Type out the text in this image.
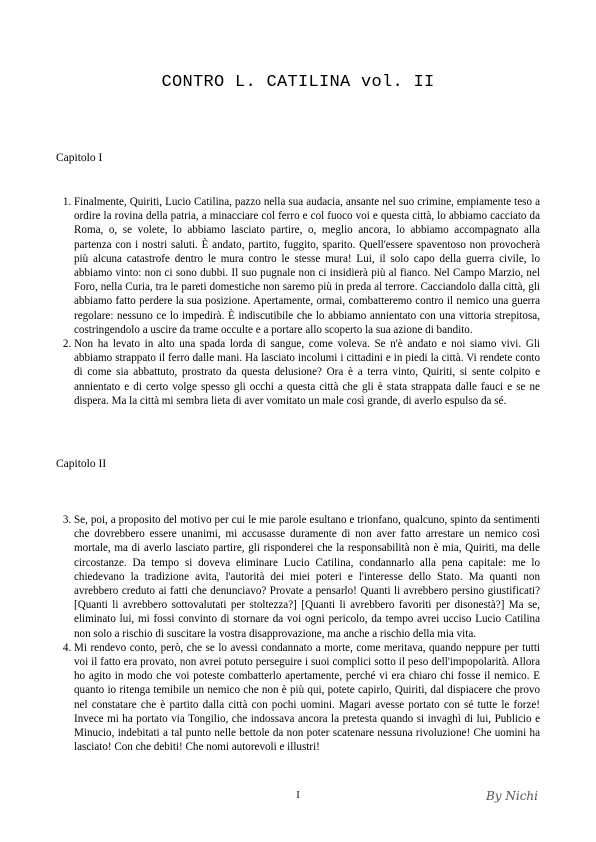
CONTRO L. CATILINA vol. II
Capitolo I
1. Finalmente, Quiriti, Lucio Catilina, pazzo nella sua audacia, ansante nel suo crimine, empiamente teso a ordire la rovina della patria, a minacciare col ferro e col fuoco voi e questa città, lo abbiamo cacciato da Roma, o, se volete, lo abbiamo lasciato partire, o, meglio ancora, lo abbiamo accompagnato alla partenza con i nostri saluti. È andato, partito, fuggito, sparito. Quell'essere spaventoso non provocherà più alcuna catastrofe dentro le mura contro le stesse mura! Lui, il solo capo della guerra civile, lo abbiamo vinto: non ci sono dubbi. Il suo pugnale non ci insidierà più al fianco. Nel Campo Marzio, nel Foro, nella Curia, tra le pareti domestiche non saremo più in preda al terrore. Cacciandolo dalla città, gli abbiamo fatto perdere la sua posizione. Apertamente, ormai, combatteremo contro il nemico una guerra regolare: nessuno ce lo impedirà. È indiscutibile che lo abbiamo annientato con una vittoria strepitosa, costringendolo a uscire da trame occulte e a portare allo scoperto la sua azione di bandito.
2. Non ha levato in alto una spada lorda di sangue, come voleva. Se n'è andato e noi siamo vivi. Gli abbiamo strappato il ferro dalle mani. Ha lasciato incolumi i cittadini e in piedi la città. Vi rendete conto di come sia abbattuto, prostrato da questa delusione? Ora è a terra vinto, Quiriti, si sente colpito e annientato e di certo volge spesso gli occhi a questa città che gli è stata strappata dalle fauci e se ne dispera. Ma la città mi sembra lieta di aver vomitato un male così grande, di averlo espulso da sé.
Capitolo II
3. Se, poi, a proposito del motivo per cui le mie parole esultano e trionfano, qualcuno, spinto da sentimenti che dovrebbero essere unanimi, mi accusasse duramente di non aver fatto arrestare un nemico così mortale, ma di averlo lasciato partire, gli risponderei che la responsabilità non è mia, Quiriti, ma delle circostanze. Da tempo si doveva eliminare Lucio Catilina, condannarlo alla pena capitale: me lo chiedevano la tradizione avita, l'autorità dei miei poteri e l'interesse dello Stato. Ma quanti non avrebbero creduto ai fatti che denunciavo? Provate a pensarlo! Quanti li avrebbero persino giustificati? [Quanti li avrebbero sottovalutati per stoltezza?] [Quanti li avrebbero favoriti per disonestà?] Ma se, eliminato lui, mi fossi convinto di stornare da voi ogni pericolo, da tempo avrei ucciso Lucio Catilina non solo a rischio di suscitare la vostra disapprovazione, ma anche a rischio della mia vita.
4. Mi rendevo conto, però, che se lo avessi condannato a morte, come meritava, quando neppure per tutti voi il fatto era provato, non avrei potuto perseguire i suoi complici sotto il peso dell'impopolarità. Allora ho agito in modo che voi poteste combatterlo apertamente, perché vi era chiaro chi fosse il nemico. E quanto io ritenga temibile un nemico che non è più qui, potete capirlo, Quiriti, dal dispiacere che provo nel constatare che è partito dalla città con pochi uomini. Magari avesse portato con sé tutte le forze! Invece mi ha portato via Tongilio, che indossava ancora la pretesta quando si invaghì di lui, Publicio e Minucio, indebitati a tal punto nelle bettole da non poter scatenare nessuna rivoluzione! Che uomini ha lasciato! Con che debiti! Che nomi autorevoli e illustri!
I	By Nichi
